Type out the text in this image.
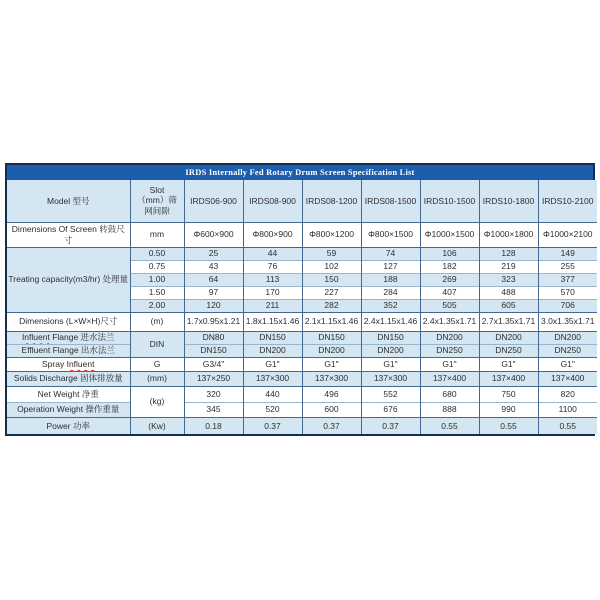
IRDS Internally Fed Rotary Drum Screen Specification List
Model 型号	Slot
（mm）筛
网间隙	IRDS06-900	IRDS08-900	IRDS08-1200	IRDS08-1500	IRDS10-1500	IRDS10-1800	IRDS10-2100
Dimensions Of Screen 转鼓尺寸	mm	Φ600×900	Φ800×900	Φ800×1200	Φ800×1500	Φ1000×1500	Φ1000×1800	Φ1000×2100
Treating capacity(m3/hr) 处理量	0.50	25	44	59	74	106	128	149
	0.75	43	76	102	127	182	219	255
	1.00	64	113	150	188	269	323	377
	1.50	97	170	227	284	407	488	570
	2.00	120	211	282	352	505	605	706
Dimensions (L×W×H)尺寸	(m)	1.7x0.95x1.21	1.8x1.15x1.46	2.1x1.15x1.46	2.4x1.15x1.46	2.4x1.35x1.71	2.7x1.35x1.71	3.0x1.35x1.71
Influent Flange 进水法兰	DIN	DN80	DN150	DN150	DN150	DN200	DN200	DN200
Effluent Flange 出水法兰		DN150	DN200	DN200	DN200	DN250	DN250	DN250
Spray Influent	G	G3/4"	G1"	G1"	G1"	G1"	G1"	G1"
Solids Discharge 固体排放量	(mm)	137×250	137×300	137×300	137×300	137×400	137×400	137×400
Net Weight 净重	(kg)	320	440	496	552	680	750	820
Operation Weight 操作重量		345	520	600	676	888	990	1100
Power 功率	(Kw)	0.18	0.37	0.37	0.37	0.55	0.55	0.55
